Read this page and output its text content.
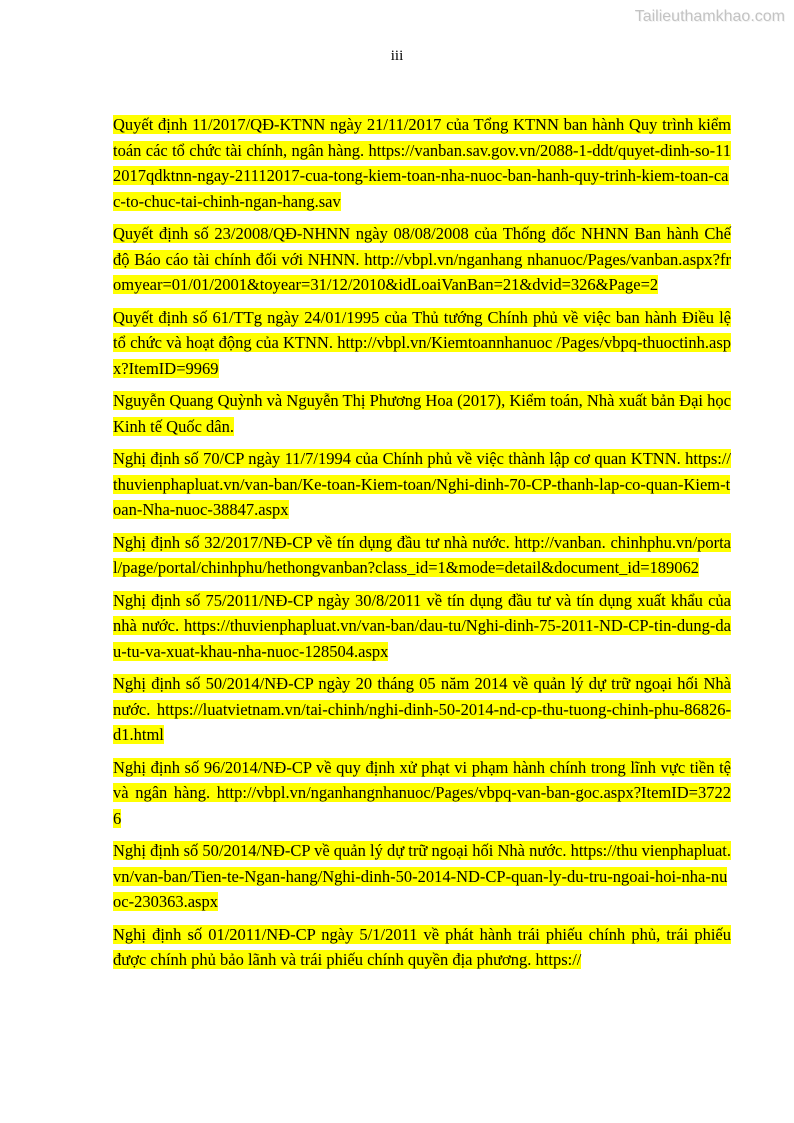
Tailieuthamkhao.com
iii

Quyết định 11/2017/QĐ-KTNN ngày 21/11/2017 của Tổng KTNN ban hành Quy trình kiểm toán các tổ chức tài chính, ngân hàng. https://vanban.sav.gov.vn/2088-1-ddt/quyet-dinh-so-112017qdktnn-ngay-21112017-cua-tong-kiem-toan-nha-nuoc-ban-hanh-quy-trinh-kiem-toan-cac-to-chuc-tai-chinh-ngan-hang.sav

Quyết định số 23/2008/QĐ-NHNN ngày 08/08/2008 của Thống đốc NHNN Ban hành Chế độ Báo cáo tài chính đối với NHNN. http://vbpl.vn/nganhang nhanuoc/Pages/vanban.aspx?fromyear=01/01/2001&toyear=31/12/2010&idLoaiVanBan=21&dvid=326&Page=2

Quyết định số 61/TTg ngày 24/01/1995 của Thủ tướng Chính phủ về việc ban hành Điều lệ tổ chức và hoạt động của KTNN. http://vbpl.vn/Kiemtoannhanuoc /Pages/vbpq-thuoctinh.aspx?ItemID=9969

Nguyễn Quang Quỳnh và Nguyễn Thị Phương Hoa (2017), Kiểm toán, Nhà xuất bản Đại học Kinh tế Quốc dân.

Nghị định số 70/CP ngày 11/7/1994 của Chính phủ về việc thành lập cơ quan KTNN. https://thuvienphapluat.vn/van-ban/Ke-toan-Kiem-toan/Nghi-dinh-70-CP-thanh-lap-co-quan-Kiem-toan-Nha-nuoc-38847.aspx

Nghị định số 32/2017/NĐ-CP về tín dụng đầu tư nhà nước. http://vanban. chinhphu.vn/portal/page/portal/chinhphu/hethongvanban?class_id=1&mode=detail&document_id=189062

Nghị định số 75/2011/NĐ-CP ngày 30/8/2011 về tín dụng đầu tư và tín dụng xuất khẩu của nhà nước. https://thuvienphapluat.vn/van-ban/dau-tu/Nghi-dinh-75-2011-ND-CP-tin-dung-dau-tu-va-xuat-khau-nha-nuoc-128504.aspx

Nghị định số 50/2014/NĐ-CP ngày 20 tháng 05 năm 2014 về quản lý dự trữ ngoại hối Nhà nước. https://luatvietnam.vn/tai-chinh/nghi-dinh-50-2014-nd-cp-thu-tuong-chinh-phu-86826-d1.html

Nghị định số 96/2014/NĐ-CP về quy định xử phạt vi phạm hành chính trong lĩnh vực tiền tệ và ngân hàng. http://vbpl.vn/nganhangnhanuoc/Pages/vbpq-van-ban-goc.aspx?ItemID=37226

Nghị định số 50/2014/NĐ-CP về quản lý dự trữ ngoại hối Nhà nước. https://thu vienphapluat.vn/van-ban/Tien-te-Ngan-hang/Nghi-dinh-50-2014-ND-CP-quan-ly-du-tru-ngoai-hoi-nha-nuoc-230363.aspx

Nghị định số 01/2011/NĐ-CP ngày 5/1/2011 về phát hành trái phiếu chính phủ, trái phiếu được chính phủ bảo lãnh và trái phiếu chính quyền địa phương. https://
